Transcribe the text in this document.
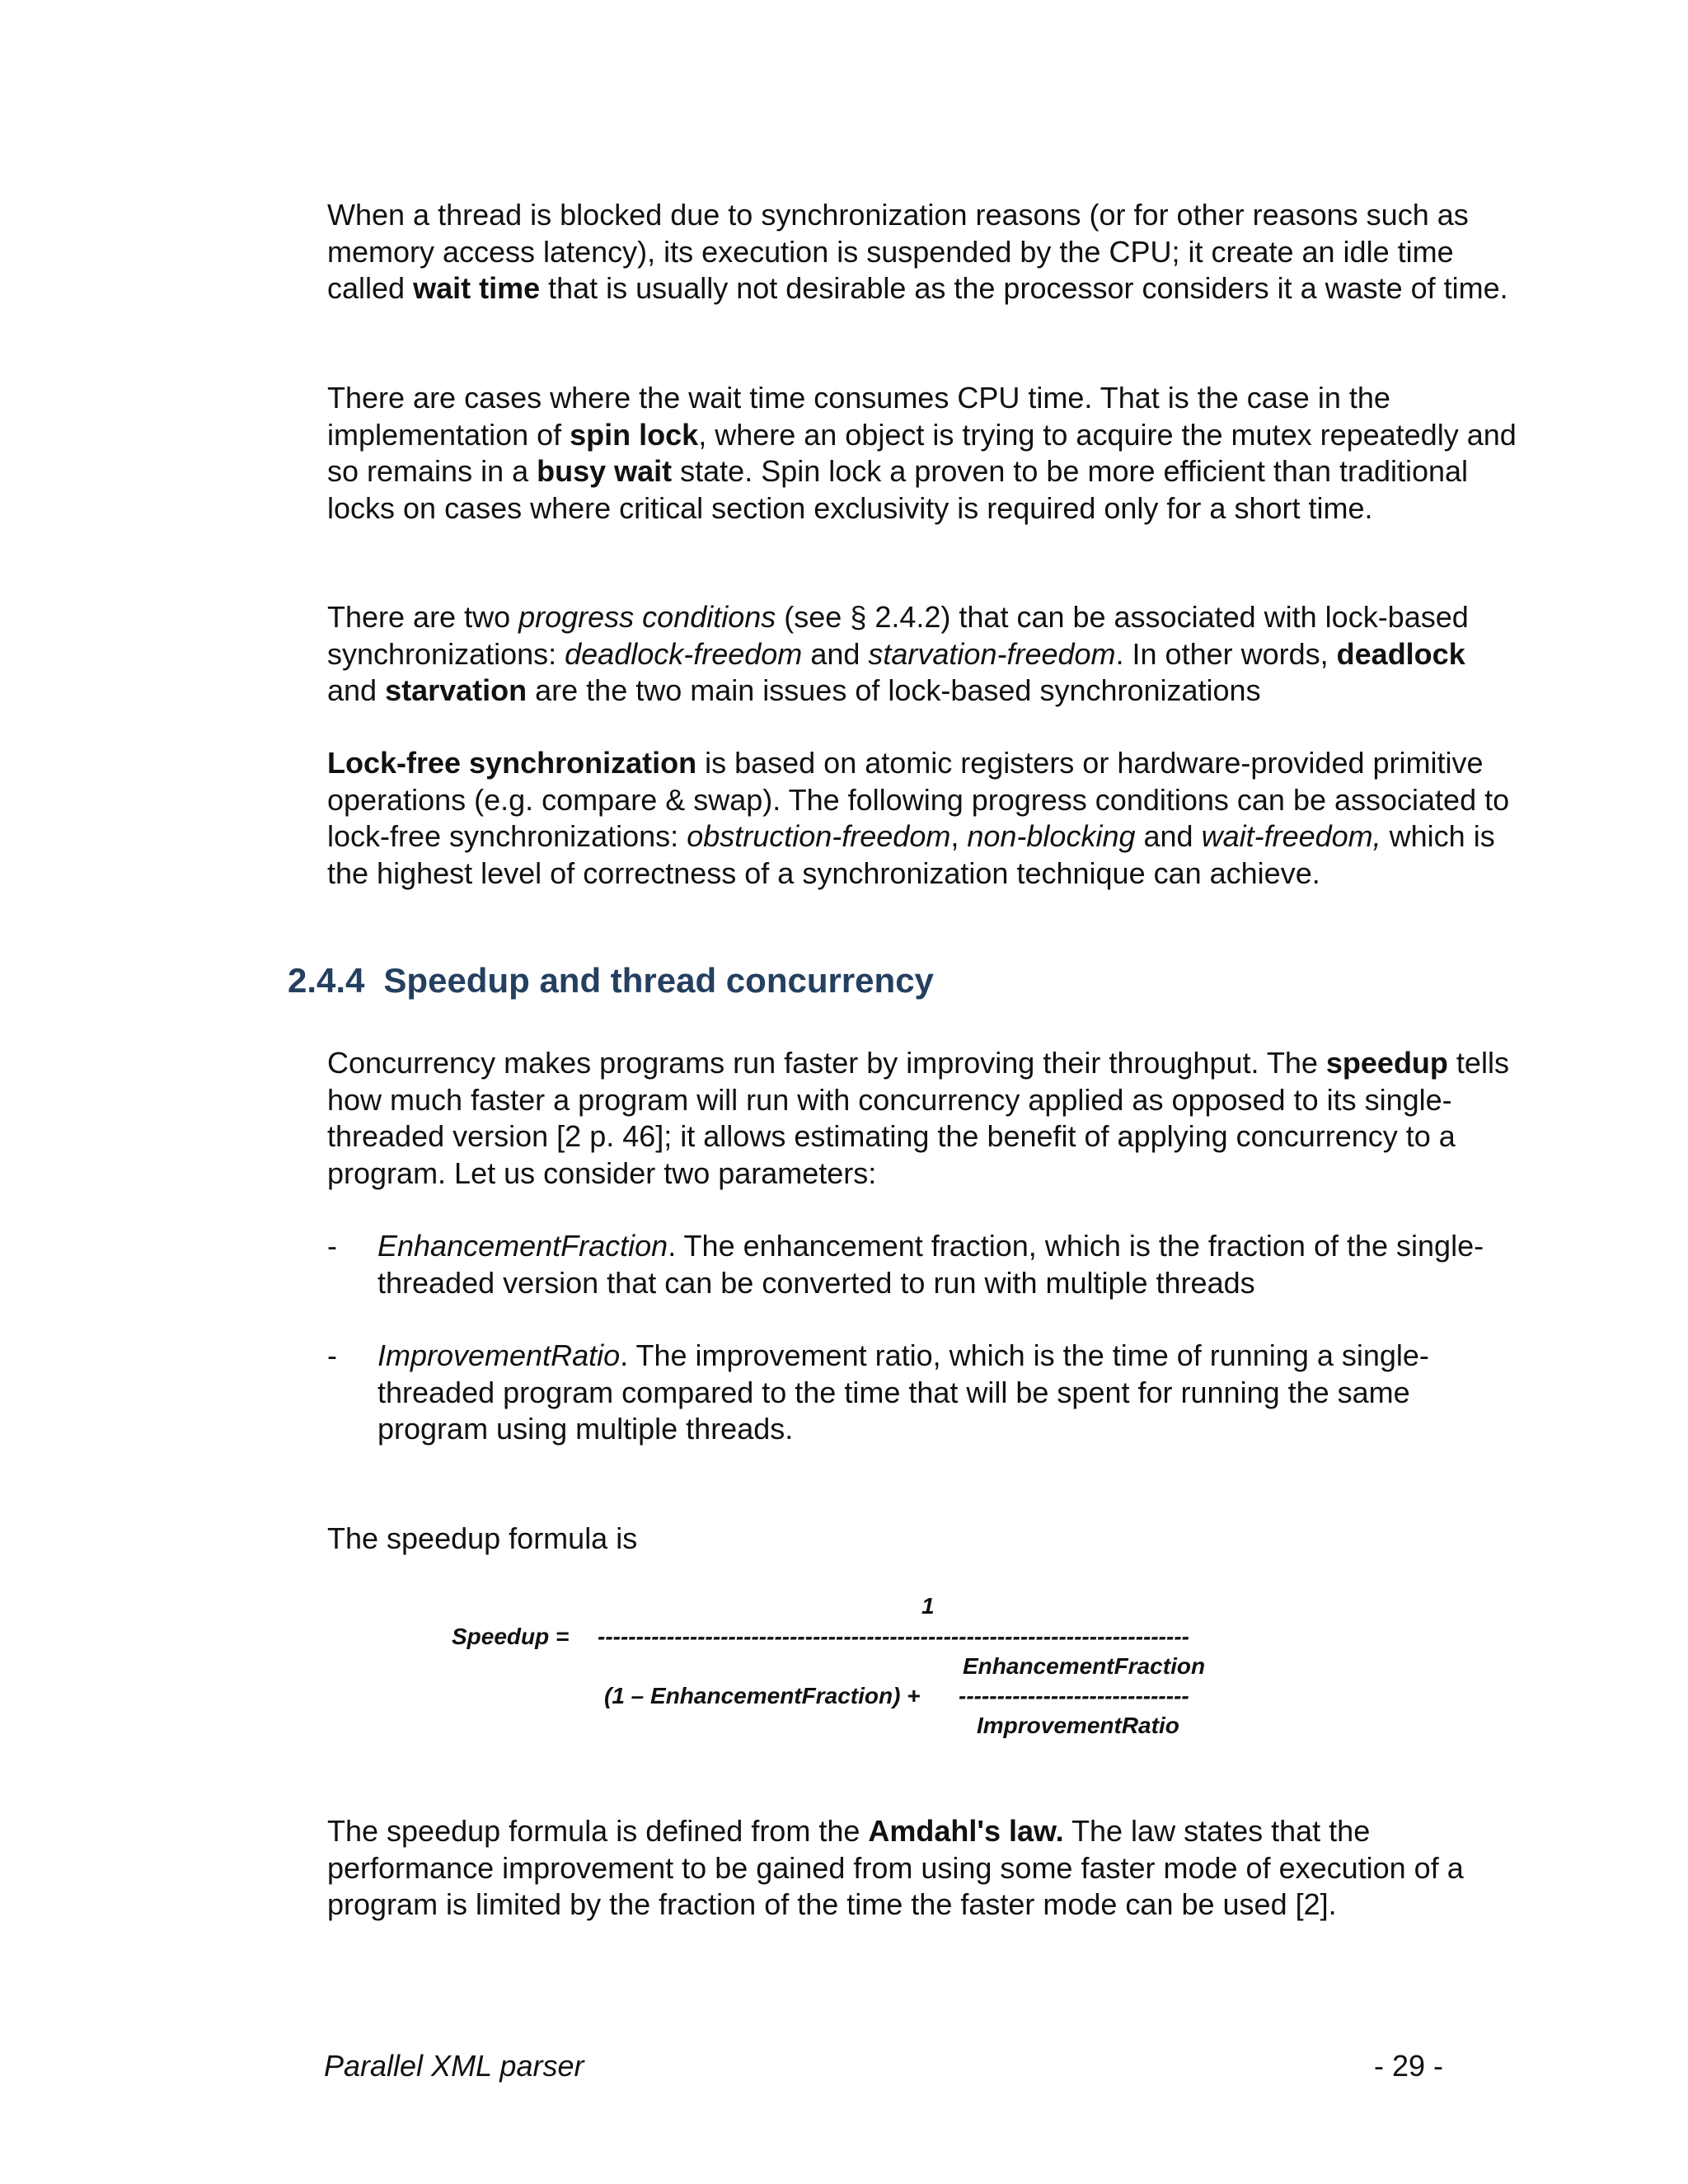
When a thread is blocked due to synchronization reasons (or for other reasons such as memory access latency), its execution is suspended by the CPU; it create an idle time called wait time that is usually not desirable as the processor considers it a waste of time.

There are cases where the wait time consumes CPU time. That is the case in the implementation of spin lock, where an object is trying to acquire the mutex repeatedly and so remains in a busy wait state. Spin lock a proven to be more efficient than traditional locks on cases where critical section exclusivity is required only for a short time.

There are two progress conditions (see § 2.4.2) that can be associated with lock-based synchronizations: deadlock-freedom and starvation-freedom. In other words, deadlock and starvation are the two main issues of lock-based synchronizations

Lock-free synchronization is based on atomic registers or hardware-provided primitive operations (e.g. compare & swap). The following progress conditions can be associated to lock-free synchronizations: obstruction-freedom, non-blocking and wait-freedom, which is the highest level of correctness of a synchronization technique can achieve.

2.4.4 Speedup and thread concurrency

Concurrency makes programs run faster by improving their throughput. The speedup tells how much faster a program will run with concurrency applied as opposed to its single-threaded version [2 p. 46]; it allows estimating the benefit of applying concurrency to a program. Let us consider two parameters:

- EnhancementFraction. The enhancement fraction, which is the fraction of the single-threaded version that can be converted to run with multiple threads
- ImprovementRatio. The improvement ratio, which is the time of running a single-threaded program compared to the time that will be spent for running the same program using multiple threads.

The speedup formula is

1
Speedup = -----------------------------------------------------------------------------
EnhancementFraction
(1 – EnhancementFraction) + ------------------------------
ImprovementRatio

The speedup formula is defined from the Amdahl's law. The law states that the performance improvement to be gained from using some faster mode of execution of a program is limited by the fraction of the time the faster mode can be used [2].

Parallel XML parser	- 29 -
